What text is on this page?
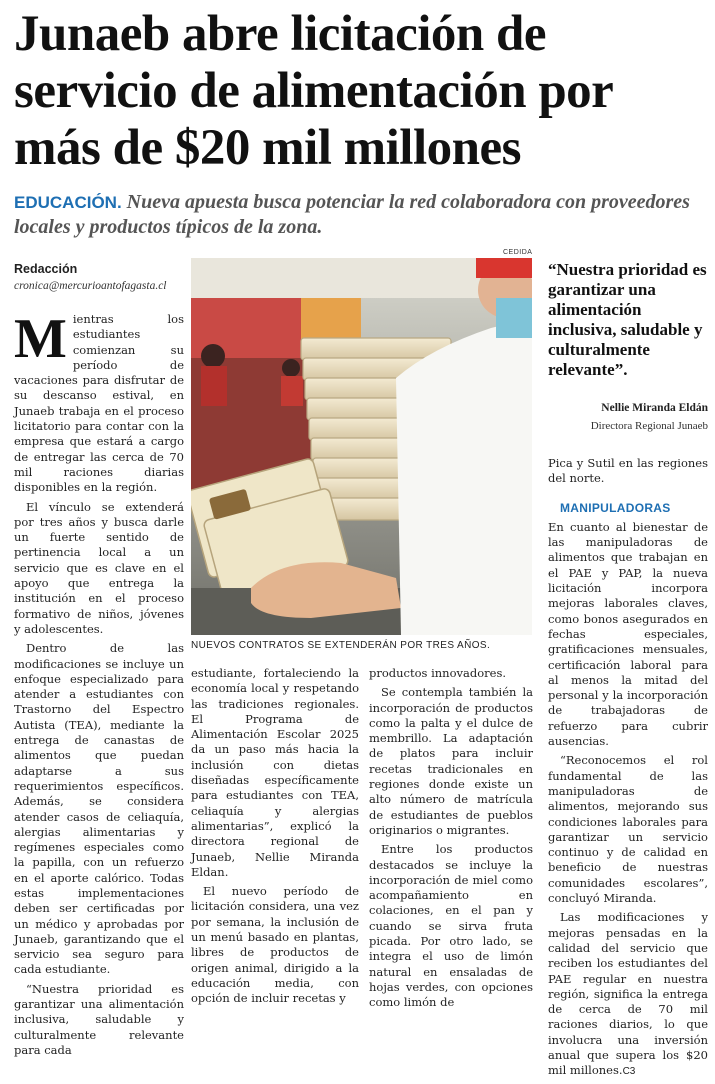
Junaeb abre licitación de
servicio de alimentación por
más de $20 mil millones
EDUCACIÓN. Nueva apuesta busca potenciar la red colaboradora con proveedores locales y productos típicos de la zona.
Redacción
cronica@mercurioantofagasta.cl
CEDIDA
NUEVOS CONTRATOS SE EXTENDERÁN POR TRES AÑOS.
“Nuestra prioridad es garantizar una alimentación inclusiva, saludable y culturalmente relevante”.
Nellie Miranda Eldán
Directora Regional Junaeb

Mientras los estudiantes comienzan su período de vacaciones para disfrutar de su descanso estival, en Junaeb trabaja en el proceso licitatorio para contar con la empresa que estará a cargo de entregar las cerca de 70 mil raciones diarias disponibles en la región.

El vínculo se extenderá por tres años y busca darle un fuerte sentido de pertinencia local a un servicio que es clave en el apoyo que entrega la institución en el proceso formativo de niños, jóvenes y adolescentes.

Dentro de las modificaciones se incluye un enfoque especializado para atender a estudiantes con Trastorno del Espectro Autista (TEA), mediante la entrega de canastas de alimentos que puedan adaptarse a sus requerimientos específicos. Además, se considera atender casos de celiaquía, alergias alimentarias y regímenes especiales como la papilla, con un refuerzo en el aporte calórico. Todas estas implementaciones deben ser certificadas por un médico y aprobadas por Junaeb, garantizando que el servicio sea seguro para cada estudiante.

“Nuestra prioridad es garantizar una alimentación inclusiva, saludable y culturalmente relevante para cada

estudiante, fortaleciendo la economía local y respetando las tradiciones regionales. El Programa de Alimentación Escolar 2025 da un paso más hacia la inclusión con dietas diseñadas específicamente para estudiantes con TEA, celiaquía y alergias alimentarias”, explicó la directora regional de Junaeb, Nellie Miranda Eldan.

El nuevo período de licitación considera, una vez por semana, la inclusión de un menú basado en plantas, libres de productos de origen animal, dirigido a la educación media, con opción de incluir recetas y

productos innovadores.

Se contempla también la incorporación de productos como la palta y el dulce de membrillo. La adaptación de platos para incluir recetas tradicionales en regiones donde existe un alto número de matrícula de estudiantes de pueblos originarios o migrantes.

Entre los productos destacados se incluye la incorporación de miel como acompañamiento en colaciones, en el pan y cuando se sirva fruta picada. Por otro lado, se integra el uso de limón natural en ensaladas de hojas verdes, con opciones como limón de

Pica y Sutil en las regiones del norte.

MANIPULADORAS

En cuanto al bienestar de las manipuladoras de alimentos que trabajan en el PAE y PAP, la nueva licitación incorpora mejoras laborales claves, como bonos asegurados en fechas especiales, gratificaciones mensuales, certificación laboral para al menos la mitad del personal y la incorporación de trabajadoras de refuerzo para cubrir ausencias.

“Reconocemos el rol fundamental de las manipuladoras de alimentos, mejorando sus condiciones laborales para garantizar un servicio continuo y de calidad en beneficio de nuestras comunidades escolares”, concluyó Miranda.

Las modificaciones y mejoras pensadas en la calidad del servicio que reciben los estudiantes del PAE regular en nuestra región, significa la entrega de cerca de 70 mil raciones diarios, lo que involucra una inversión anual que supera los $20 mil millones.C3
